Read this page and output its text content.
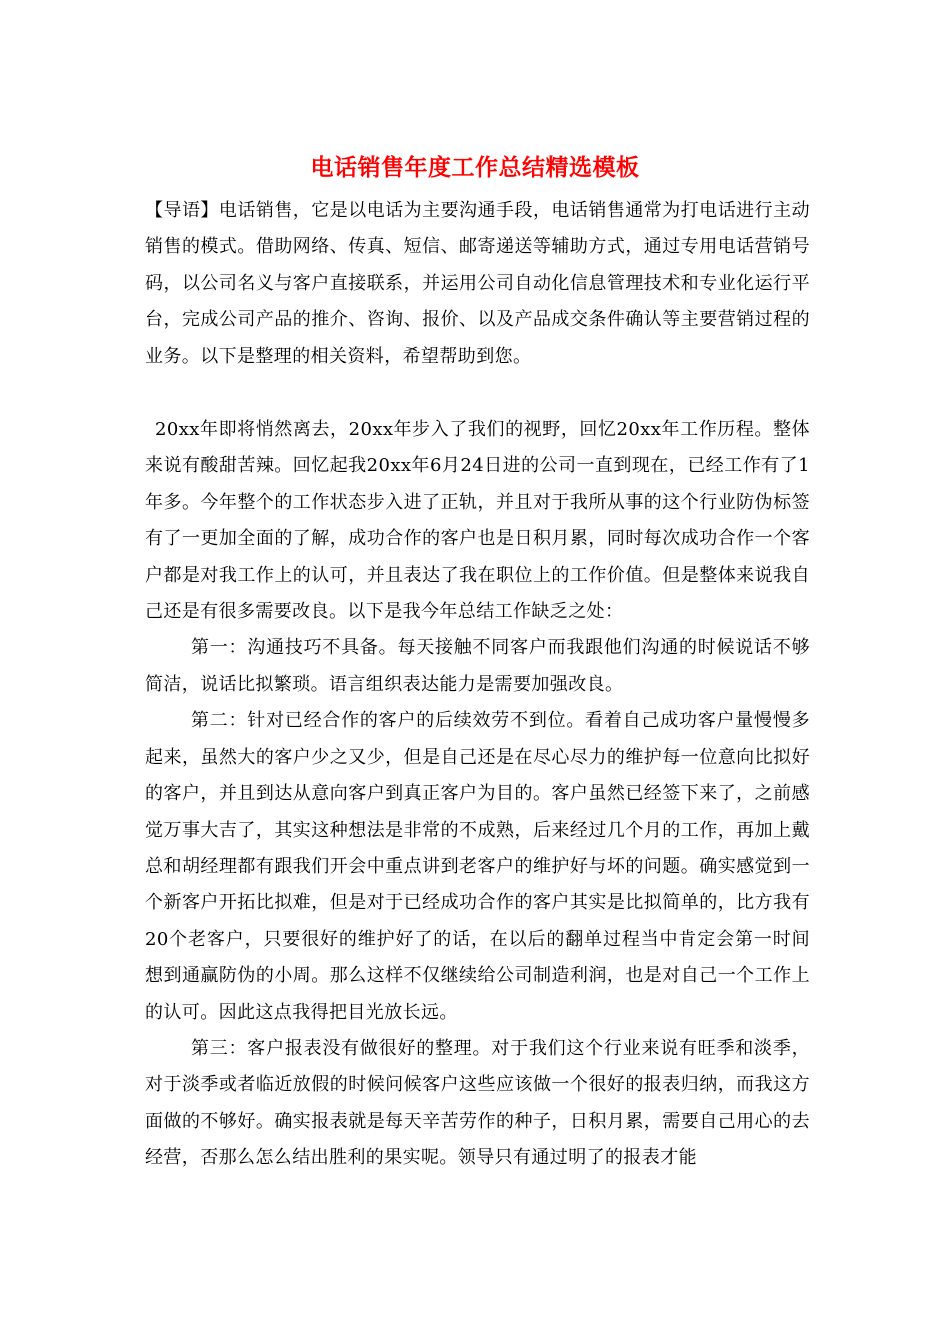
电话销售年度工作总结精选模板

【导语】电话销售，它是以电话为主要沟通手段，电话销售通常为打电话进行主动销售的模式。借助网络、传真、短信、邮寄递送等辅助方式，通过专用电话营销号码，以公司名义与客户直接联系，并运用公司自动化信息管理技术和专业化运行平台，完成公司产品的推介、咨询、报价、以及产品成交条件确认等主要营销过程的业务。以下是整理的相关资料，希望帮助到您。

20xx年即将悄然离去，20xx年步入了我们的视野，回忆20xx年工作历程。整体来说有酸甜苦辣。回忆起我20xx年6月24日进的公司一直到现在，已经工作有了1年多。今年整个的工作状态步入进了正轨，并且对于我所从事的这个行业防伪标签有了一更加全面的了解，成功合作的客户也是日积月累，同时每次成功合作一个客户都是对我工作上的认可，并且表达了我在职位上的工作价值。但是整体来说我自己还是有很多需要改良。以下是我今年总结工作缺乏之处：

第一：沟通技巧不具备。每天接触不同客户而我跟他们沟通的时候说话不够简洁，说话比拟繁琐。语言组织表达能力是需要加强改良。

第二：针对已经合作的客户的后续效劳不到位。看着自己成功客户量慢慢多起来，虽然大的客户少之又少，但是自己还是在尽心尽力的维护每一位意向比拟好的客户，并且到达从意向客户到真正客户为目的。客户虽然已经签下来了，之前感觉万事大吉了，其实这种想法是非常的不成熟，后来经过几个月的工作，再加上戴总和胡经理都有跟我们开会中重点讲到老客户的维护好与坏的问题。确实感觉到一个新客户开拓比拟难，但是对于已经成功合作的客户其实是比拟简单的，比方我有20个老客户，只要很好的维护好了的话，在以后的翻单过程当中肯定会第一时间想到通赢防伪的小周。那么这样不仅继续给公司制造利润，也是对自己一个工作上的认可。因此这点我得把目光放长远。

第三：客户报表没有做很好的整理。对于我们这个行业来说有旺季和淡季，对于淡季或者临近放假的时候问候客户这些应该做一个很好的报表归纳，而我这方面做的不够好。确实报表就是每天辛苦劳作的种子，日积月累，需要自己用心的去经营，否那么怎么结出胜利的果实呢。领导只有通过明了的报表才能
